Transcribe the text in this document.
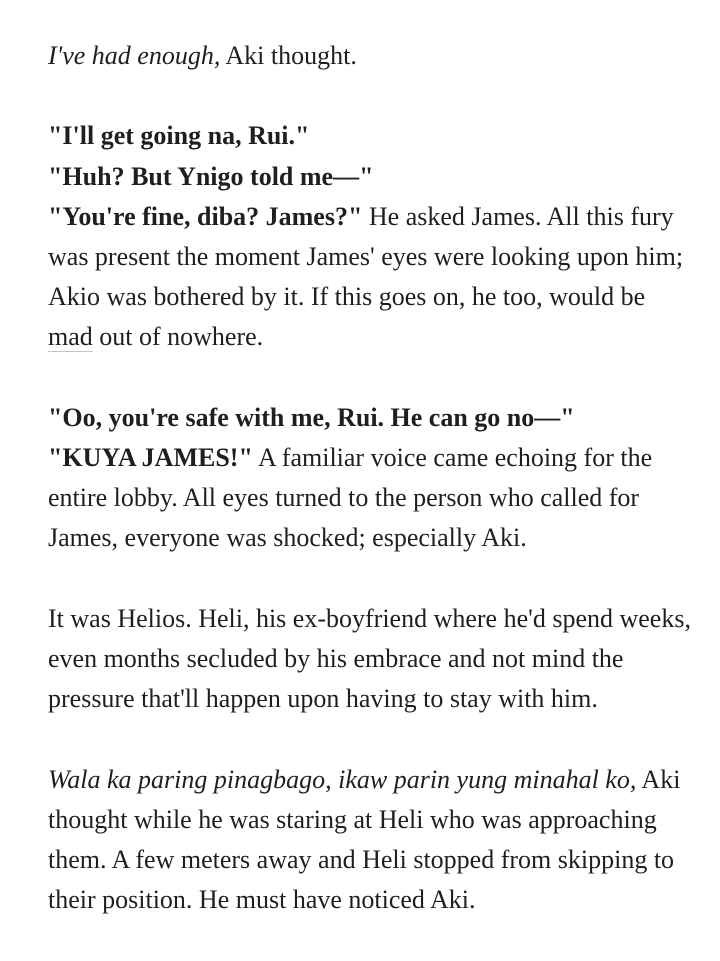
I've had enough, Aki thought.

"I'll get going na, Rui."
"Huh? But Ynigo told me—"
"You're fine, diba? James?" He asked James. All this fury
was present the moment James' eyes were looking upon him;
Akio was bothered by it. If this goes on, he too, would be
mad out of nowhere.

"Oo, you're safe with me, Rui. He can go no—"
"KUYA JAMES!" A familiar voice came echoing for the
entire lobby. All eyes turned to the person who called for
James, everyone was shocked; especially Aki.

It was Helios. Heli, his ex-boyfriend where he'd spend weeks,
even months secluded by his embrace and not mind the
pressure that'll happen upon having to stay with him.

Wala ka paring pinagbago, ikaw parin yung minahal ko, Aki
thought while he was staring at Heli who was approaching
them. A few meters away and Heli stopped from skipping to
their position. He must have noticed Aki.
